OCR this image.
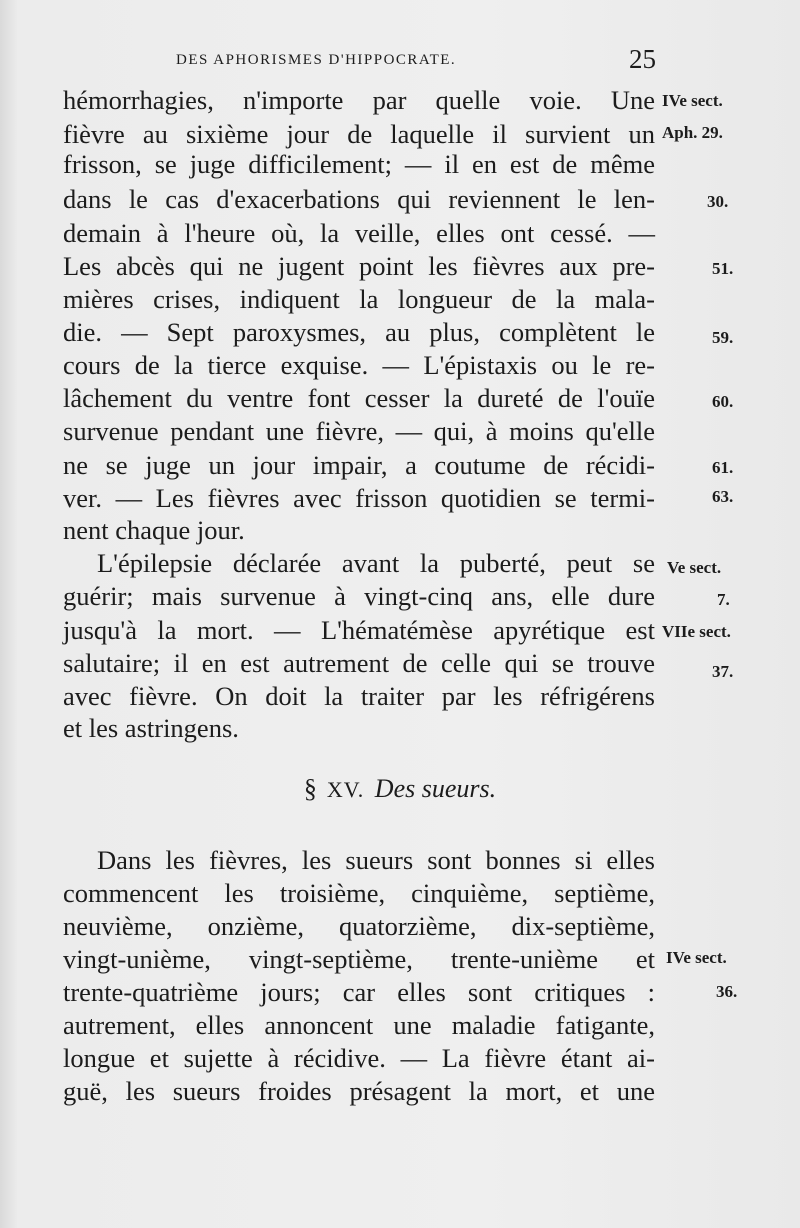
DES APHORISMES D'HIPPOCRATE.	25
hémorrhagies, n'importe par quelle voie. Une
fièvre au sixième jour de laquelle il survient un
frisson, se juge difficilement; — il en est de même
dans le cas d'exacerbations qui reviennent le len-
demain à l'heure où, la veille, elles ont cessé. —
Les abcès qui ne jugent point les fièvres aux pre-
mières crises, indiquent la longueur de la mala-
die. — Sept paroxysmes, au plus, complètent le
cours de la tierce exquise. — L'épistaxis ou le re-
lâchement du ventre font cesser la dureté de l'ouïe
survenue pendant une fièvre, — qui, à moins qu'elle
ne se juge un jour impair, a coutume de récidi-
ver. — Les fièvres avec frisson quotidien se termi-
nent chaque jour.
L'épilepsie déclarée avant la puberté, peut se
guérir; mais survenue à vingt-cinq ans, elle dure
jusqu'à la mort. — L'hématémèse apyrétique est
salutaire; il en est autrement de celle qui se trouve
avec fièvre. On doit la traiter par les réfrigérens
et les astringens.
§ XV. Des sueurs.
Dans les fièvres, les sueurs sont bonnes si elles
commencent les troisième, cinquième, septième,
neuvième, onzième, quatorzième, dix-septième,
vingt-unième, vingt-septième, trente-unième et
trente-quatrième jours; car elles sont critiques :
autrement, elles annoncent une maladie fatigante,
longue et sujette à récidive. — La fièvre étant ai-
guë, les sueurs froides présagent la mort, et une
IVe sect.
Aph. 29.
30.
51.
59.
60.
61.
63.
Ve sect.
7.
VIIe sect.
37.
IVe sect.
36.
